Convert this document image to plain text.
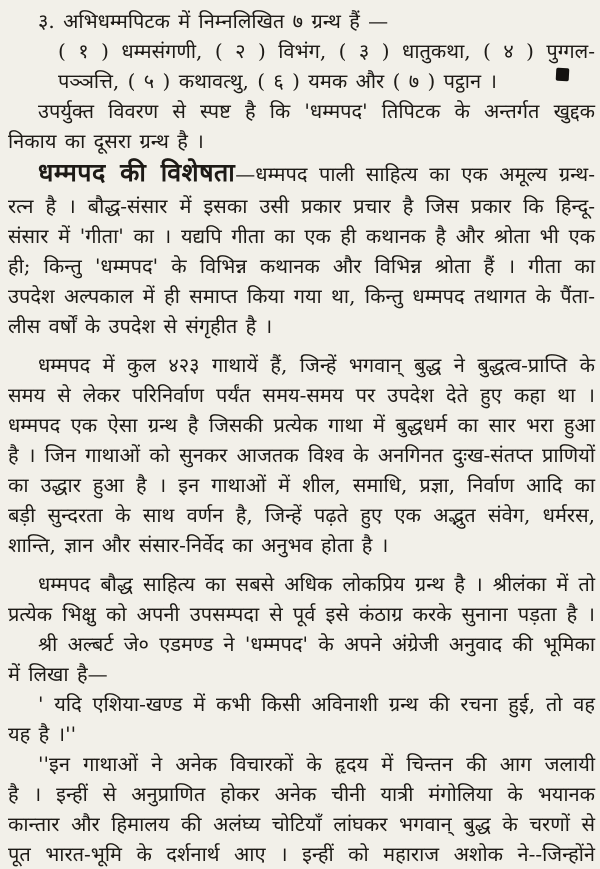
३. अभिधम्मपिटक में निम्नलिखित ७ ग्रन्थ हैं —
( १ ) धम्मसंगणी, ( २ ) विभंग, ( ३ ) धातुकथा, ( ४ ) पुग्गल-
पञ्ञत्ति, ( ५ ) कथावत्थु, ( ६ ) यमक और ( ७ ) पट्ठान ।
उपर्युक्त विवरण से स्पष्ट है कि 'धम्मपद' तिपिटक के अन्तर्गत खुद्दक
निकाय का दूसरा ग्रन्थ है ।
धम्मपद की विशेषता—धम्मपद पाली साहित्य का एक अमूल्य ग्रन्थ-
रत्न है । बौद्ध-संसार में इसका उसी प्रकार प्रचार है जिस प्रकार कि हिन्दू-
संसार में 'गीता' का । यद्यपि गीता का एक ही कथानक है और श्रोता भी एक
ही; किन्तु 'धम्मपद' के विभिन्न कथानक और विभिन्न श्रोता हैं । गीता का
उपदेश अल्पकाल में ही समाप्त किया गया था, किन्तु धम्मपद तथागत के पैंता-
लीस वर्षों के उपदेश से संगृहीत है ।
धम्मपद में कुल ४२३ गाथायें हैं, जिन्हें भगवान् बुद्ध ने बुद्धत्व-प्राप्ति के
समय से लेकर परिनिर्वाण पर्यंत समय-समय पर उपदेश देते हुए कहा था ।
धम्मपद एक ऐसा ग्रन्थ है जिसकी प्रत्येक गाथा में बुद्धधर्म का सार भरा हुआ
है । जिन गाथाओं को सुनकर आजतक विश्व के अनगिनत दुःख-संतप्त प्राणियों
का उद्धार हुआ है । इन गाथाओं में शील, समाधि, प्रज्ञा, निर्वाण आदि का
बड़ी सुन्दरता के साथ वर्णन है, जिन्हें पढ़ते हुए एक अद्भुत संवेग, धर्मरस,
शान्ति, ज्ञान और संसार-निर्वेद का अनुभव होता है ।
धम्मपद बौद्ध साहित्य का सबसे अधिक लोकप्रिय ग्रन्थ है । श्रीलंका में तो
प्रत्येक भिक्षु को अपनी उपसम्पदा से पूर्व इसे कंठाग्र करके सुनाना पड़ता है ।
श्री अल्बर्ट जे० एडमण्ड ने 'धम्मपद' के अपने अंग्रेजी अनुवाद की भूमिका
में लिखा है—
' यदि एशिया-खण्ड में कभी किसी अविनाशी ग्रन्थ की रचना हुई, तो वह
यह है ।''
''इन गाथाओं ने अनेक विचारकों के हृदय में चिन्तन की आग जलायी
है । इन्हीं से अनुप्राणित होकर अनेक चीनी यात्री मंगोलिया के भयानक
कान्तार और हिमालय की अलंघ्य चोटियाँ लांघकर भगवान् बुद्ध के चरणों से
पूत भारत-भूमि के दर्शनार्थ आए । इन्हीं को महाराज अशोक ने--जिन्होंने
